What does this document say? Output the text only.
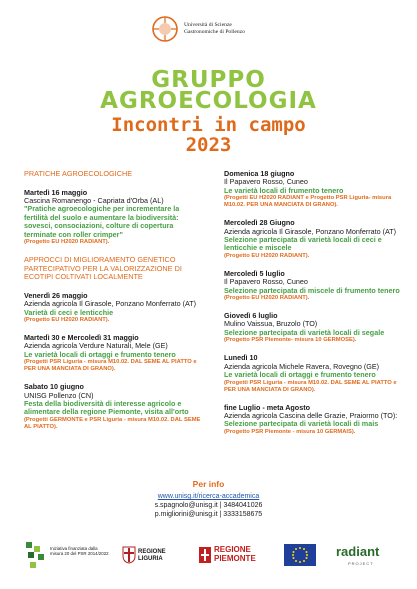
Università di Scienze
Gastronomiche di Pollenzo
GRUPPO
AGROECOLOGIA
Incontri in campo
2023
PRATICHE AGROECOLOGICHE
Martedì 16 maggio
Cascina Romanengo - Capriata d'Orba (AL)
"Pratiche agroecologiche per incrementare la fertilità del suolo e aumentare la biodiversità: sovesci, consociazioni, colture di copertura terminate con roller crimper"
(Progetto EU H2020 RADIANT).
APPROCCI DI MIGLIORAMENTO GENETICO PARTECIPATIVO PER LA VALORIZZAZIONE DI ECOTIPI COLTIVATI LOCALMENTE
Venerdì 26 maggio
Azienda agricola Il Girasole, Ponzano Monferrato (AT)
Varietà di ceci e lenticchie
(Progetto EU H2020 RADIANT).
Martedì 30 e Mercoledì 31 maggio
Azienda agricola Verdure Naturali, Mele (GE)
Le varietà locali di ortaggi e frumento tenero
(Progetti PSR Liguria - misura M10.02. DAL SEME AL PIATTO e PER UNA MANCIATA DI GRANO).
Sabato 10 giugno
UNISG Pollenzo (CN)
Festa della biodiversità di interesse agricolo e alimentare della regione Piemonte, visita all'orto
(Progetti GERMONTE e PSR Liguria - misura M10.02. DAL SEME AL PIATTO).
Domenica 18 giugno
Il Papavero Rosso, Cuneo
Le varietà locali di frumento tenero
(Progetti EU H2020 RADIANT e Progetto PSR Liguria- misura M10.02. PER UNA MANCIATA DI GRANO).
Mercoledì 28 Giugno
Azienda agricola Il Girasole, Ponzano Monferrato (AT)
Selezione partecipata di varietà locali di ceci e lenticchie e miscele
(Progetto EU H2020 RADIANT).
Mercoledì 5 luglio
Il Papavero Rosso, Cuneo
Selezione partecipata di miscele di frumento tenero
(Progetto EU H2020 RADIANT).
Giovedì 6 luglio
Mulino Vaissua, Bruzolo (TO)
Selezione partecipata di varietà locali di segale
(Progetto PSR Piemonte- misura 10 GERMOSE).
Lunedì 10
Azienda agricola Michele Ravera, Rovegno (GE)
Le varietà locali di ortaggi e frumento tenero
(Progetti PSR Liguria - misura M10.02. DAL SEME AL PIATTO e PER UNA MANCIATA DI GRANO).
fine Luglio - meta Agosto
Azienda agricola Cascina delle Grazie, Praiormo (TO):
Selezione partecipata di varietà locali di mais
(Progetto PSR Piemonte - misura 10 GERMAIS).
Per info
www.unisg.it/ricerca-accademica
s.spagnolo@unisg.it | 3484041026
p.migliorini@unisg.it | 3333158675
Iniziativa finanziata dalla misura 20 del PSR 2014/2022	REGIONE LIGURIA
REGIONE
PIEMONTE	radiant
PROJECT
